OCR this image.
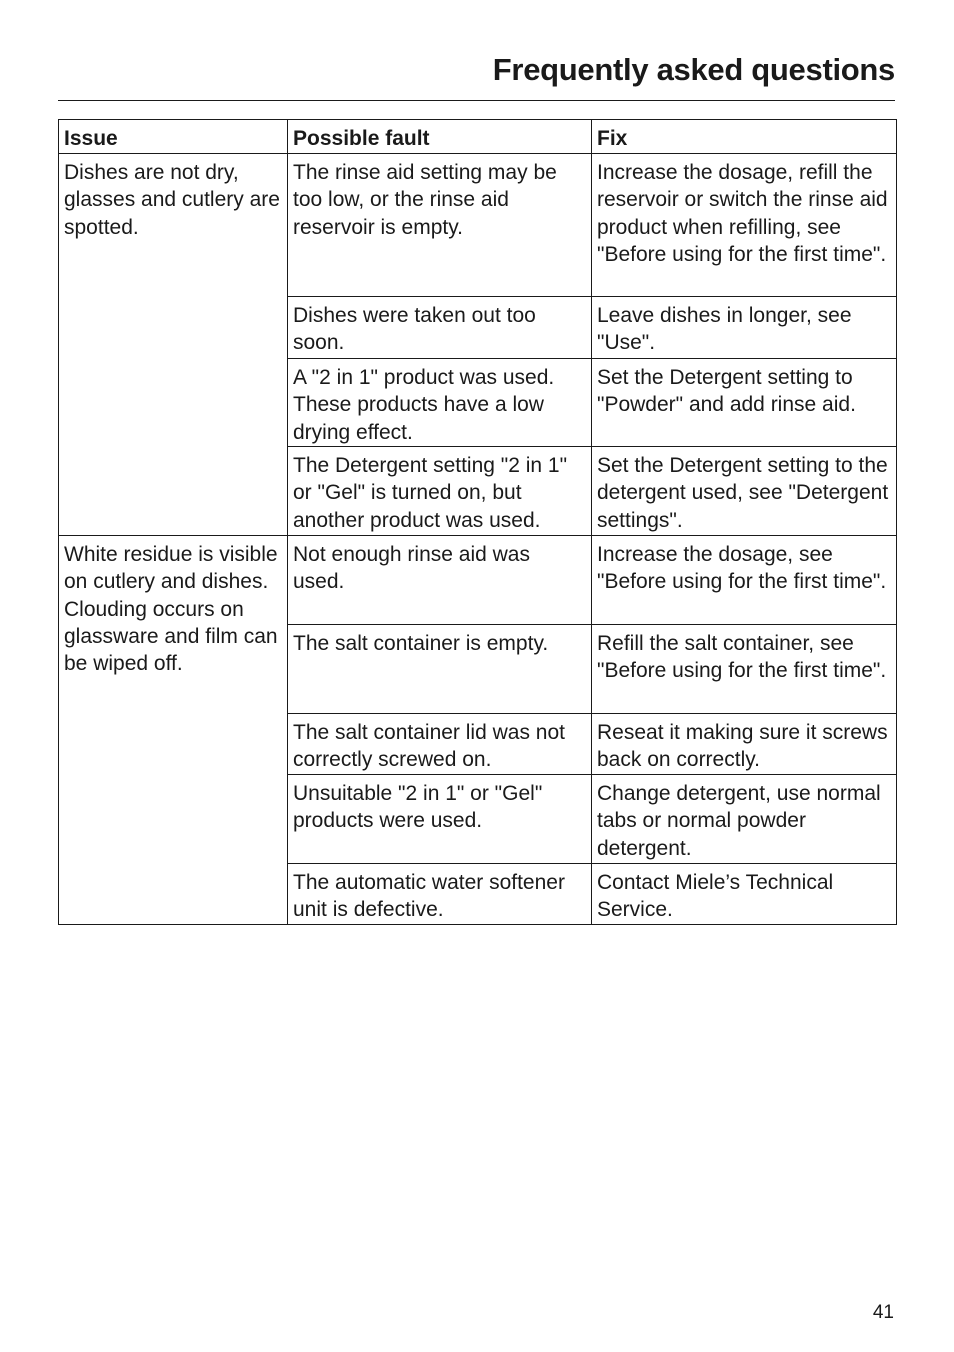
Frequently asked questions
Issue	Possible fault	Fix
Dishes are not dry, glasses and cutlery are spotted.	The rinse aid setting may be too low, or the rinse aid reservoir is empty.	Increase the dosage, refill the reservoir or switch the rinse aid product when refilling, see "Before using for the first time".
	Dishes were taken out too soon.	Leave dishes in longer, see "Use".
	A "2 in 1" product was used. These products have a low drying effect.	Set the Detergent setting to "Powder" and add rinse aid.
	The Detergent setting "2 in 1" or "Gel" is turned on, but another product was used.	Set the Detergent setting to the detergent used, see "Detergent settings".
White residue is visible on cutlery and dishes. Clouding occurs on glassware and film can be wiped off.	Not enough rinse aid was used.	Increase the dosage, see "Before using for the first time".
	The salt container is empty.	Refill the salt container, see "Before using for the first time".
	The salt container lid was not correctly screwed on.	Reseat it making sure it screws back on correctly.
	Unsuitable "2 in 1" or "Gel" products were used.	Change detergent, use normal tabs or normal powder detergent.
	The automatic water softener unit is defective.	Contact Miele’s Technical Service.
41
